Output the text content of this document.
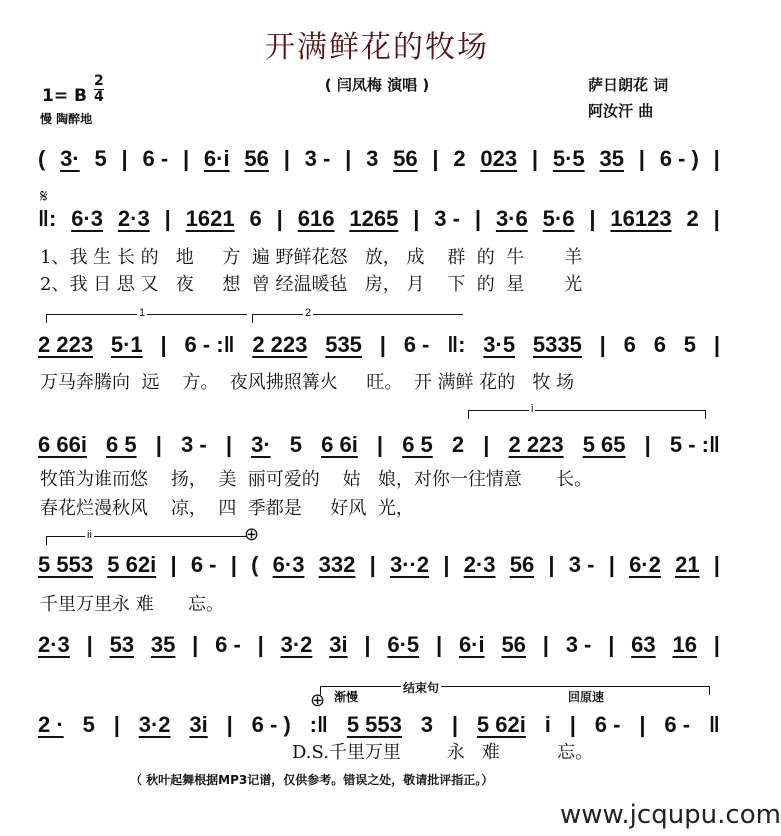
开满鲜花的牧场
( 闫凤梅 演唱 )
1= B
2
4
慢 陶醉地
萨日朗花 词
阿汝汗 曲
𝄋
( 3· 5 | 6 - | 6·i 56 | 3 - | 3 56 | 2 023 | 5·5 35 | 6 - ) |
‖: 6·3 2·3 | 1621 6 | 616 1265 | 3 - | 3·6 5·6 | 16123 2 |
1、我 生 长 的   地     方  遍 野鲜花怒   放， 成    群  的  牛       羊
2、我 日 思 又   夜     想  曾 经温暖毡   房， 月    下  的  星       光
1	2
2 223 5·1 | 6 - :‖ 2 223 535 | 6 - ‖: 3·5 5335 | 6 6 5 |
万马奔腾向  远    方。  夜风拂照篝火     旺。  开 满鲜 花的   牧 场
i
6 66i 6 5 | 3 - | 3· 5 6 6i | 6 5 2 | 2 223 5 65 | 5 - :‖
牧笛为谁而悠    扬，  美  丽可爱的    姑   娘，对你一往情意      长。
春花烂漫秋风    凉，  四  季都是     好风  光，
ii	⊕
5 553 5 62i | 6 - | ( 6·3 332 | 3··2 | 2·3 56 | 3 - | 6·2 21 |
千里万里永 难      忘。
2·3 | 53 35 | 6 - | 3·2 3i | 6·5 | 6·i 56 | 3 - | 63 16 |
结束句
⊕ 渐慢	回原速
2 · 5 | 3·2 3i | 6 - ) :‖ 5 553 3 | 5 62i i | 6 - | 6 - ‖
D.S.千里万里        永   难          忘。
（ 秋叶起舞根据MP3记谱，仅供参考。错误之处，敬请批评指正。）
www.jcqupu.com
